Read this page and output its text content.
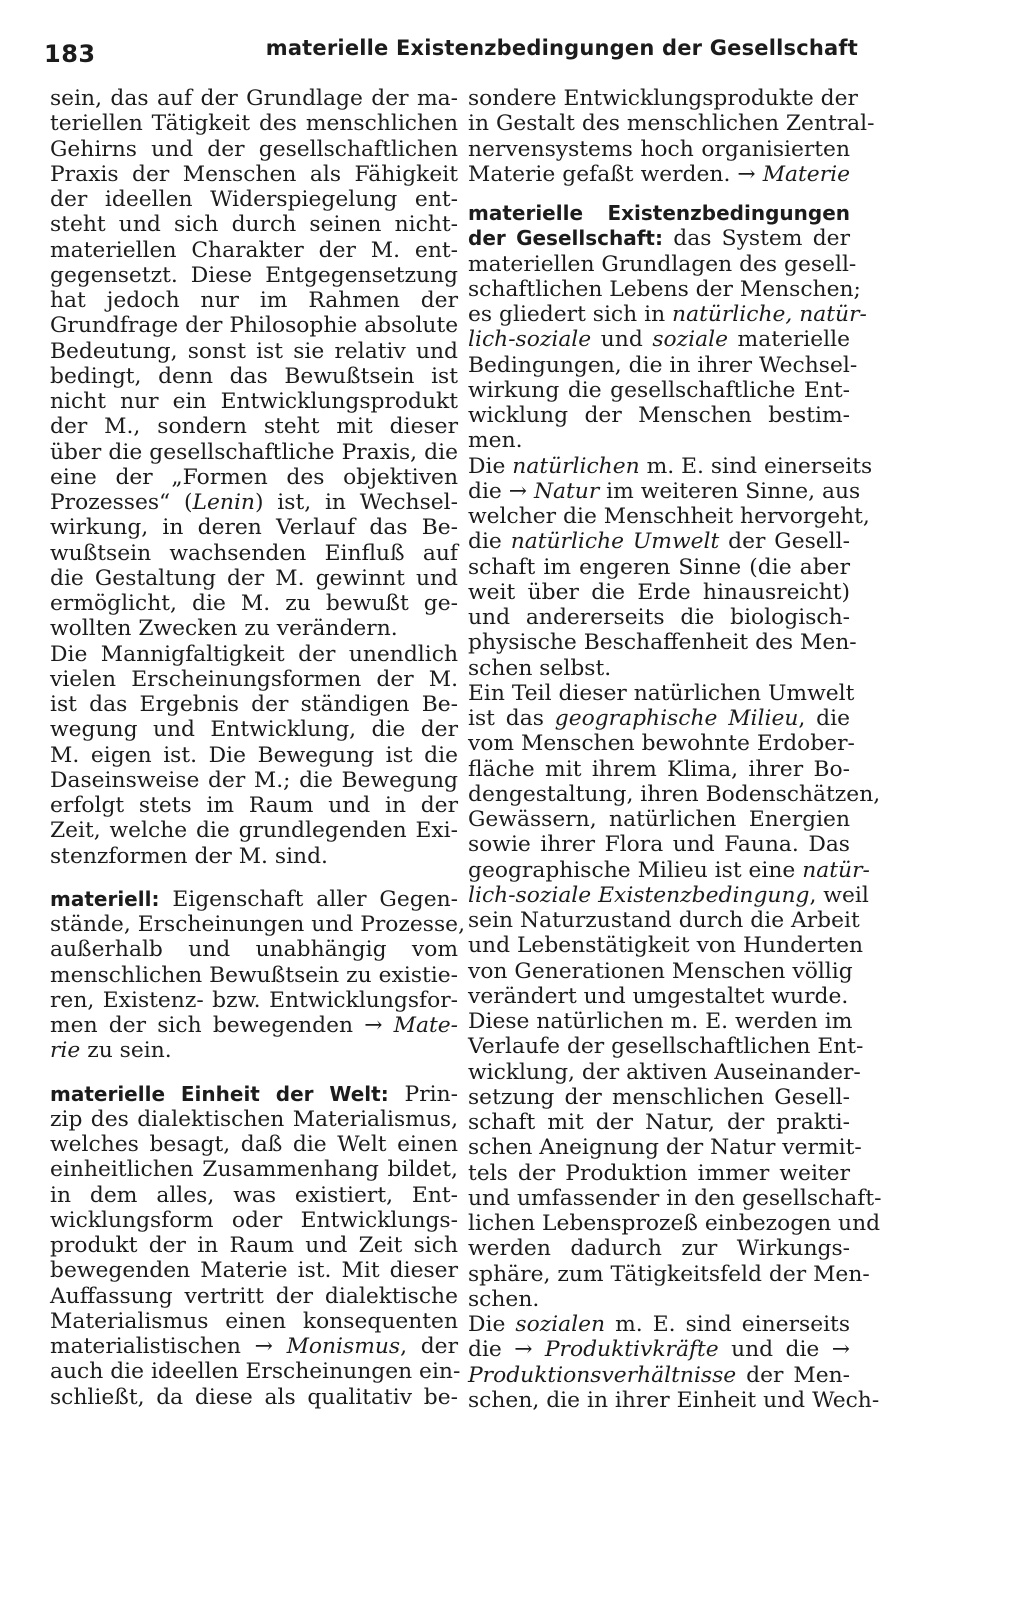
183	materielle Existenzbedingungen der Gesellschaft
sein, das auf der Grundlage der ma-
teriellen Tätigkeit des menschlichen
Gehirns und der gesellschaftlichen
Praxis der Menschen als Fähigkeit
der ideellen Widerspiegelung ent-
steht und sich durch seinen nicht-
materiellen Charakter der M. ent-
gegensetzt. Diese Entgegensetzung
hat jedoch nur im Rahmen der
Grundfrage der Philosophie absolute
Bedeutung, sonst ist sie relativ und
bedingt, denn das Bewußtsein ist
nicht nur ein Entwicklungsprodukt
der M., sondern steht mit dieser
über die gesellschaftliche Praxis, die
eine der „Formen des objektiven
Prozesses“ (Lenin) ist, in Wechsel-
wirkung, in deren Verlauf das Be-
wußtsein wachsenden Einfluß auf
die Gestaltung der M. gewinnt und
ermöglicht, die M. zu bewußt ge-
wollten Zwecken zu verändern.
Die Mannigfaltigkeit der unendlich
vielen Erscheinungsformen der M.
ist das Ergebnis der ständigen Be-
wegung und Entwicklung, die der
M. eigen ist. Die Bewegung ist die
Daseinsweise der M.; die Bewegung
erfolgt stets im Raum und in der
Zeit, welche die grundlegenden Exi-
stenzformen der M. sind.
materiell: Eigenschaft aller Gegen-
stände, Erscheinungen und Prozesse,
außerhalb und unabhängig vom
menschlichen Bewußtsein zu existie-
ren, Existenz- bzw. Entwicklungsfor-
men der sich bewegenden → Mate-
rie zu sein.
materielle Einheit der Welt: Prin-
zip des dialektischen Materialismus,
welches besagt, daß die Welt einen
einheitlichen Zusammenhang bildet,
in dem alles, was existiert, Ent-
wicklungsform oder Entwicklungs-
produkt der in Raum und Zeit sich
bewegenden Materie ist. Mit dieser
Auffassung vertritt der dialektische
Materialismus einen konsequenten
materialistischen → Monismus, der
auch die ideellen Erscheinungen ein-
schließt, da diese als qualitativ be-
sondere Entwicklungsprodukte der
in Gestalt des menschlichen Zentral-
nervensystems hoch organisierten
Materie gefaßt werden. → Materie
materielle Existenzbedingungen
der Gesellschaft: das System der
materiellen Grundlagen des gesell-
schaftlichen Lebens der Menschen;
es gliedert sich in natürliche, natür-
lich-soziale und soziale materielle
Bedingungen, die in ihrer Wechsel-
wirkung die gesellschaftliche Ent-
wicklung der Menschen bestim-
men.
Die natürlichen m. E. sind einerseits
die → Natur im weiteren Sinne, aus
welcher die Menschheit hervorgeht,
die natürliche Umwelt der Gesell-
schaft im engeren Sinne (die aber
weit über die Erde hinausreicht)
und andererseits die biologisch-
physische Beschaffenheit des Men-
schen selbst.
Ein Teil dieser natürlichen Umwelt
ist das geographische Milieu, die
vom Menschen bewohnte Erdober-
fläche mit ihrem Klima, ihrer Bo-
dengestaltung, ihren Bodenschätzen,
Gewässern, natürlichen Energien
sowie ihrer Flora und Fauna. Das
geographische Milieu ist eine natür-
lich-soziale Existenzbedingung, weil
sein Naturzustand durch die Arbeit
und Lebenstätigkeit von Hunderten
von Generationen Menschen völlig
verändert und umgestaltet wurde.
Diese natürlichen m. E. werden im
Verlaufe der gesellschaftlichen Ent-
wicklung, der aktiven Auseinander-
setzung der menschlichen Gesell-
schaft mit der Natur, der prakti-
schen Aneignung der Natur vermit-
tels der Produktion immer weiter
und umfassender in den gesellschaft-
lichen Lebensprozeß einbezogen und
werden dadurch zur Wirkungs-
sphäre, zum Tätigkeitsfeld der Men-
schen.
Die sozialen m. E. sind einerseits
die → Produktivkräfte und die →
Produktionsverhältnisse der Men-
schen, die in ihrer Einheit und Wech-
